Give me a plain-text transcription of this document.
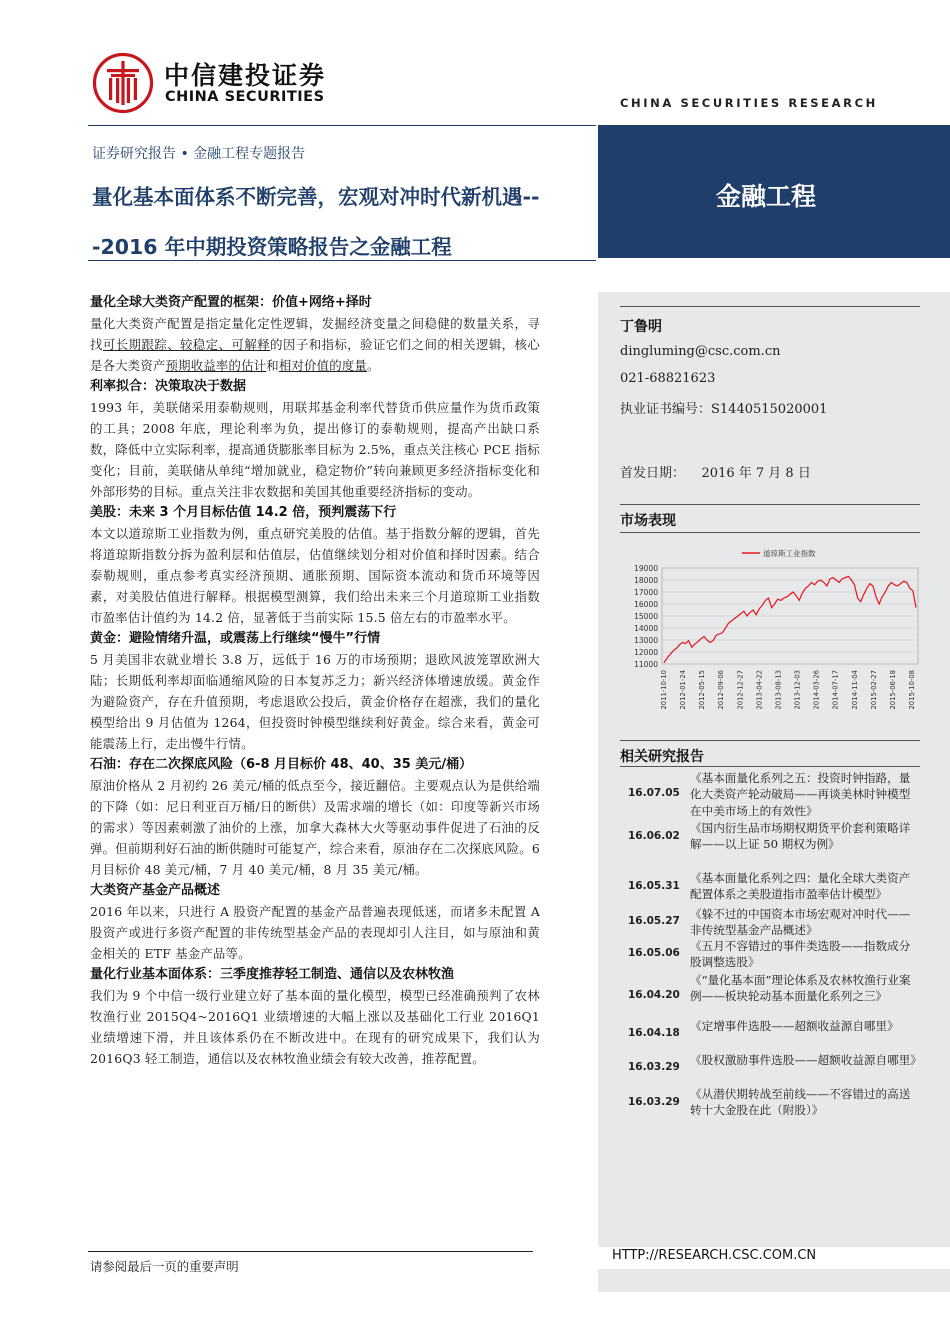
中信建投证券
CHINA SECURITIES	CHINA SECURITIES RESEARCH
证券研究报告 • 金融工程专题报告
量化基本面体系不断完善，宏观对冲时代新机遇---2016 年中期投资策略报告之金融工程
金融工程
量化全球大类资产配置的框架：价值+网络+择时

量化大类资产配置是指定量化定性逻辑，发掘经济变量之间稳健的数量关系，寻找可长期跟踪、较稳定、可解释的因子和指标，验证它们之间的相关逻辑，核心是各大类资产预期收益率的估计和相对价值的度量。

利率拟合：决策取决于数据

1993 年，美联储采用泰勒规则，用联邦基金利率代替货币供应量作为货币政策的工具；2008 年底，理论利率为负，提出修订的泰勒规则，提高产出缺口系数，降低中立实际利率，提高通货膨胀率目标为 2.5%，重点关注核心 PCE 指标变化；目前，美联储从单纯“增加就业，稳定物价”转向兼顾更多经济指标变化和外部形势的目标。重点关注非农数据和美国其他重要经济指标的变动。

美股：未来 3 个月目标估值 14.2 倍，预判震荡下行

本文以道琼斯工业指数为例，重点研究美股的估值。基于指数分解的逻辑，首先将道琼斯指数分拆为盈利层和估值层，估值继续划分相对价值和择时因素。结合泰勒规则，重点参考真实经济预期、通胀预期、国际资本流动和货币环境等因素，对美股估值进行解释。根据模型测算，我们给出未来三个月道琼斯工业指数市盈率估计值约为 14.2 倍，显著低于当前实际 15.5 倍左右的市盈率水平。

黄金：避险情绪升温，或震荡上行继续“慢牛”行情

5 月美国非农就业增长 3.8 万，远低于 16 万的市场预期；退欧风波笼罩欧洲大陆；长期低利率却面临通缩风险的日本复苏乏力；新兴经济体增速放缓。黄金作为避险资产，存在升值预期，考虑退欧公投后，黄金价格存在超涨，我们的量化模型给出 9 月估值为 1264，但投资时钟模型继续利好黄金。综合来看，黄金可能震荡上行，走出慢牛行情。

石油：存在二次探底风险（6-8 月目标价 48、40、35 美元/桶）

原油价格从 2 月初约 26 美元/桶的低点至今，接近翻倍。主要观点认为是供给端的下降（如：尼日利亚百万桶/日的断供）及需求端的增长（如：印度等新兴市场的需求）等因素刺激了油价的上涨，加拿大森林大火等驱动事件促进了石油的反弹。但前期利好石油的断供随时可能复产，综合来看，原油存在二次探底风险。6 月目标价 48 美元/桶，7 月 40 美元/桶，8 月 35 美元/桶。

大类资产基金产品概述

2016 年以来，只进行 A 股资产配置的基金产品普遍表现低迷，而诸多未配置 A 股资产或进行多资产配置的非传统型基金产品的表现却引人注目，如与原油和黄金相关的 ETF 基金产品等。

量化行业基本面体系：三季度推荐轻工制造、通信以及农林牧渔

我们为 9 个中信一级行业建立好了基本面的量化模型，模型已经准确预判了农林牧渔行业 2015Q4~2016Q1 业绩增速的大幅上涨以及基础化工行业 2016Q1 业绩增速下滑，并且该体系仍在不断改进中。在现有的研究成果下，我们认为 2016Q3 轻工制造，通信以及农林牧渔业绩会有较大改善，推荐配置。

丁鲁明
dingluming@csc.com.cn
021-68821623
执业证书编号：S1440515020001
首发日期：    2016 年 7 月 8 日
市场表现
11000
12000
13000
14000
15000
16000
17000
18000
19000
2011-10-10 2012-01-24 2012-05-15 2012-09-06 2012-12-27 2013-04-22 2013-08-13 2013-12-03 2014-03-26 2014-07-17 2014-11-04 2015-02-27 2015-06-18 2015-10-08
道琼斯工业指数
相关研究报告
16.07.05
《基本面量化系列之五：投资时钟指路，量化大类资产轮动破局——再谈美林时钟模型在中美市场上的有效性》
16.06.02
《国内衍生品市场期权期货平价套利策略详解——以上证 50 期权为例》
16.05.31
《基本面量化系列之四：量化全球大类资产配置体系之美股道指市盈率估计模型》
16.05.27 《躲不过的中国资本市场宏观对冲时代——非传统型基金产品概述》
16.05.06 《五月不容错过的事件类选股——指数成分股调整选股》
16.04.20
《“量化基本面”理论体系及农林牧渔行业案例——板块轮动基本面量化系列之三》
16.04.18 《定增事件选股——超额收益源自哪里》
16.03.29 《股权激励事件选股——超额收益源自哪里》
16.03.29
《从潜伏期转战至前线——不容错过的高送转十大金股在此（附股）》
HTTP://RESEARCH.CSC.COM.CN
请参阅最后一页的重要声明
